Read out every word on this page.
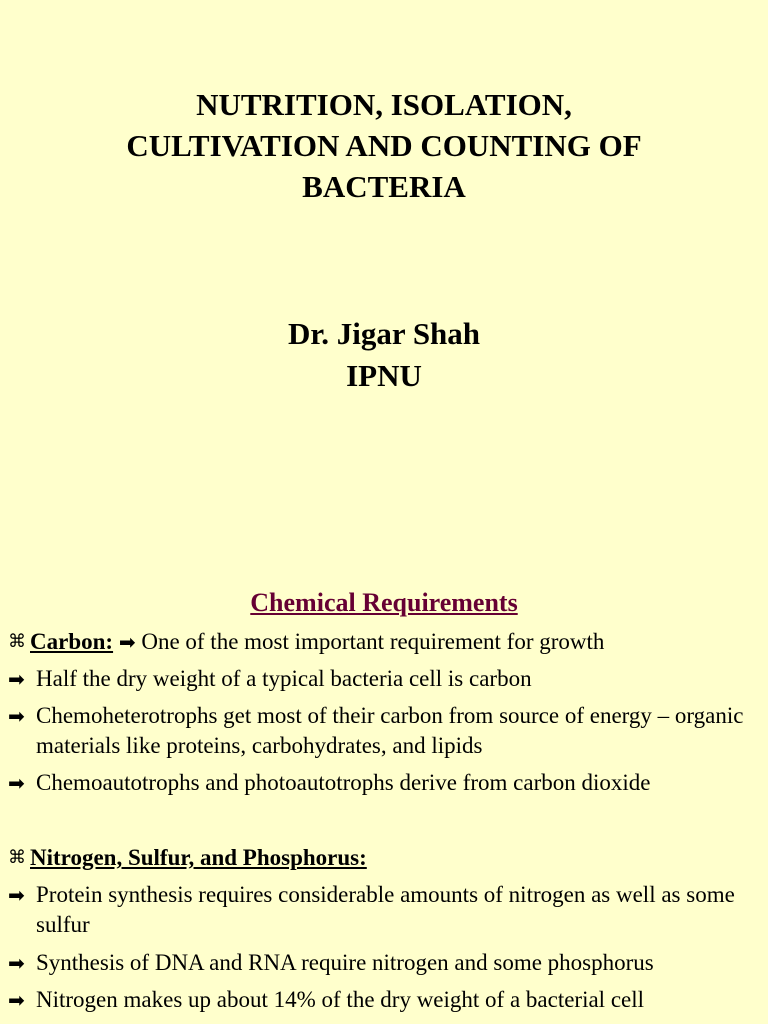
NUTRITION, ISOLATION,
CULTIVATION AND COUNTING OF
BACTERIA
Dr. Jigar Shah
IPNU
Chemical Requirements
⌘ Carbon: ➡ One of the most important requirement for growth
➡ Half the dry weight of a typical bacteria cell is carbon
➡ Chemoheterotrophs get most of their carbon from source of energy – organic materials like proteins, carbohydrates, and lipids
➡ Chemoautotrophs and photoautotrophs derive from carbon dioxide
⌘ Nitrogen, Sulfur, and Phosphorus:
➡ Protein synthesis requires considerable amounts of nitrogen as well as some sulfur
➡ Synthesis of DNA and RNA require nitrogen and some phosphorus
➡ Nitrogen makes up about 14% of the dry weight of a bacterial cell
